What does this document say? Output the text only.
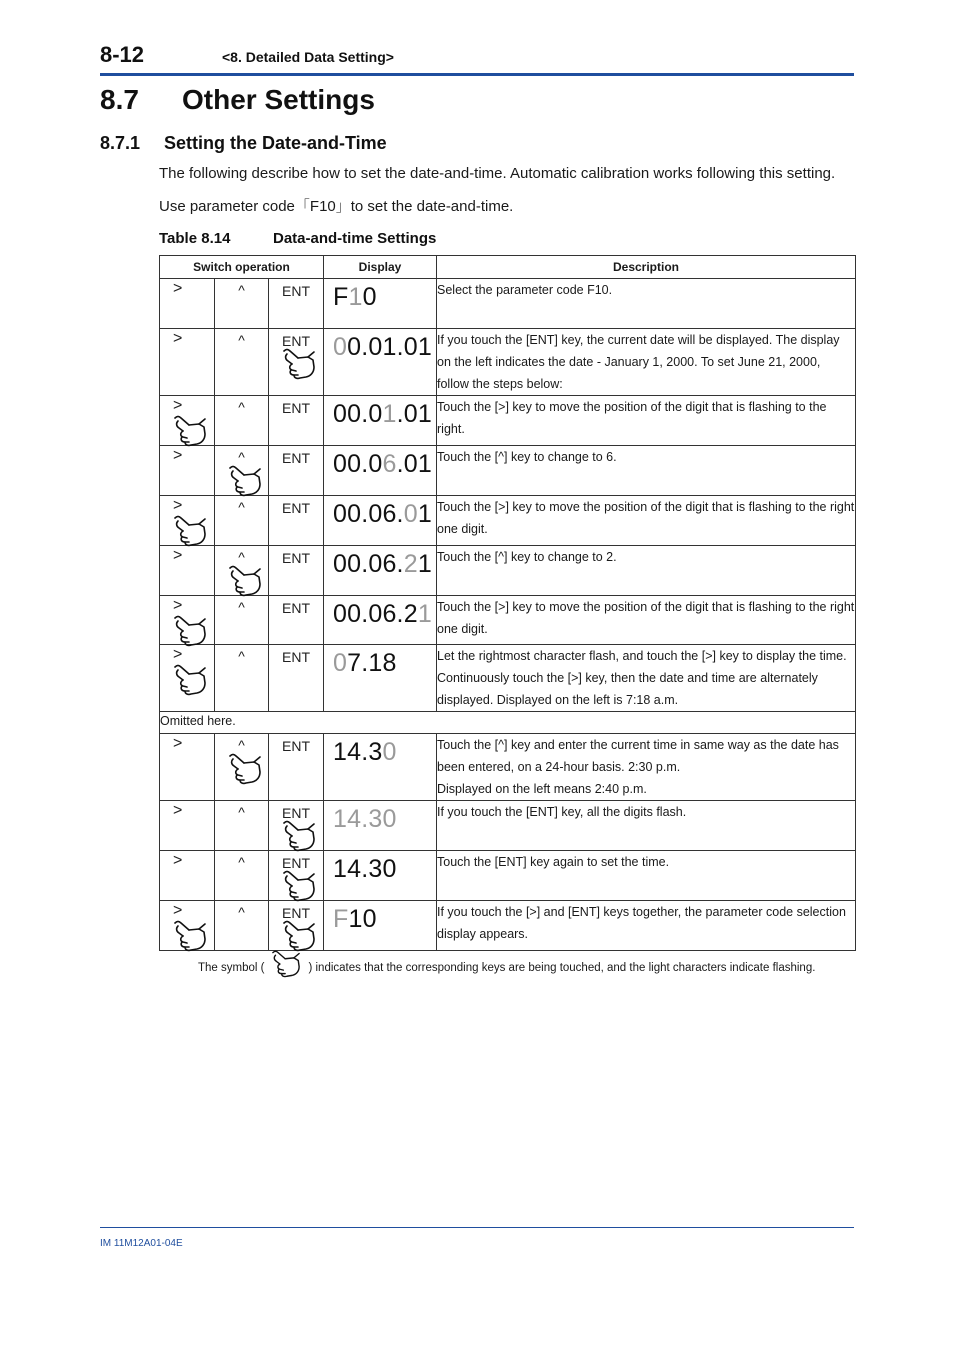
8-12	<8. Detailed Data Setting>
8.7 Other Settings
8.7.1 Setting the Date-and-Time
The following describe how to set the date-and-time. Automatic calibration works following this setting.
Use parameter code「F10」to set the date-and-time.
Table 8.14	Data-and-time Settings
Switch operation			Display	Description

>	^	ENT	F10	Select the parameter code F10.

>	^	ENT	00.01.01	If you touch the [ENT] key, the current date will be displayed. The display on the left indicates the date - January 1, 2000. To set June 21, 2000, follow the steps below:

>	^	ENT	00.01.01	Touch the [>] key to move the position of the digit that is flashing to the right.

>	^	ENT	00.06.01	Touch the [^] key to change to 6.

>	^	ENT	00.06.01	Touch the [>] key to move the position of the digit that is flashing to the right one digit.

>	^	ENT	00.06.21	Touch the [^] key to change to 2.

>	^	ENT	00.06.21	Touch the [>] key to move the position of the digit that is flashing to the right one digit.

>	^	ENT	07.18	Let the rightmost character flash, and touch the [>] key to display the time. Continuously touch the [>] key, then the date and time are alternately displayed. Displayed on the left is 7:18 a.m.
Omitted here.				

>	^	ENT	14.30	Touch the [^] key and enter the current time in same way as the date has been entered, on a 24-hour basis. 2:30 p.m.
Displayed on the left means 2:40 p.m.

>	^	ENT	14.30	If you touch the [ENT] key, all the digits flash.

>	^	ENT	14.30	Touch the [ENT] key again to set the time.

>	^	ENT	F10	If you touch the [>] and [ENT] keys together, the parameter code selection display appears.
The symbol (	) indicates that the corresponding keys are being touched, and the light characters indicate flashing.
IM 11M12A01-04E
